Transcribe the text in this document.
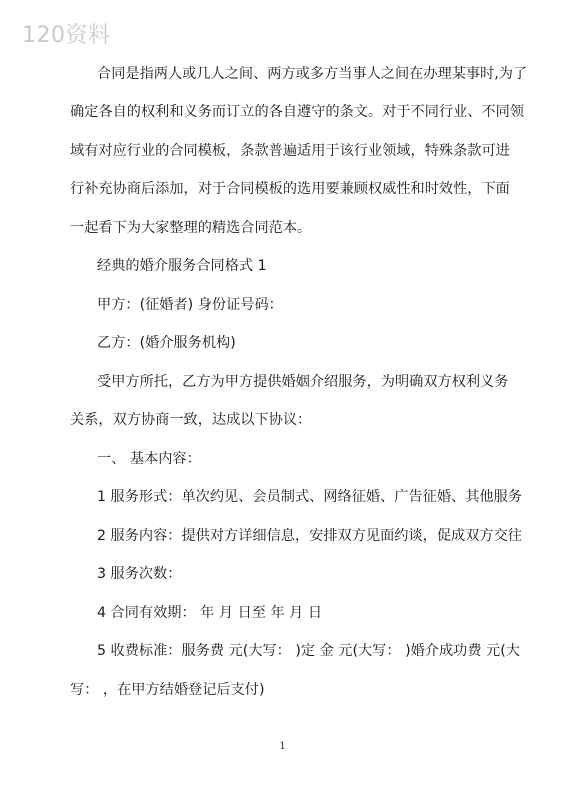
120资料
合同是指两人或几人之间、两方或多方当事人之间在办理某事时,为了
确定各自的权利和义务而订立的各自遵守的条文。对于不同行业、不同领
域有对应行业的合同模板，条款普遍适用于该行业领域，特殊条款可进
行补充协商后添加，对于合同模板的选用要兼顾权威性和时效性，下面
一起看下为大家整理的精选合同范本。
经典的婚介服务合同格式 1
甲方：(征婚者) 身份证号码：
乙方：(婚介服务机构)
受甲方所托，乙方为甲方提供婚姻介绍服务，为明确双方权利义务
关系，双方协商一致，达成以下协议：
一、 基本内容：
1 服务形式：单次约见、会员制式、网络征婚、广告征婚、其他服务
2 服务内容：提供对方详细信息，安排双方见面约谈，促成双方交往
3 服务次数：
4 合同有效期： 年 月 日至 年 月 日
5 收费标准：服务费 元(大写： )定 金 元(大写： )婚介成功费 元(大
写： ，在甲方结婚登记后支付)
1
